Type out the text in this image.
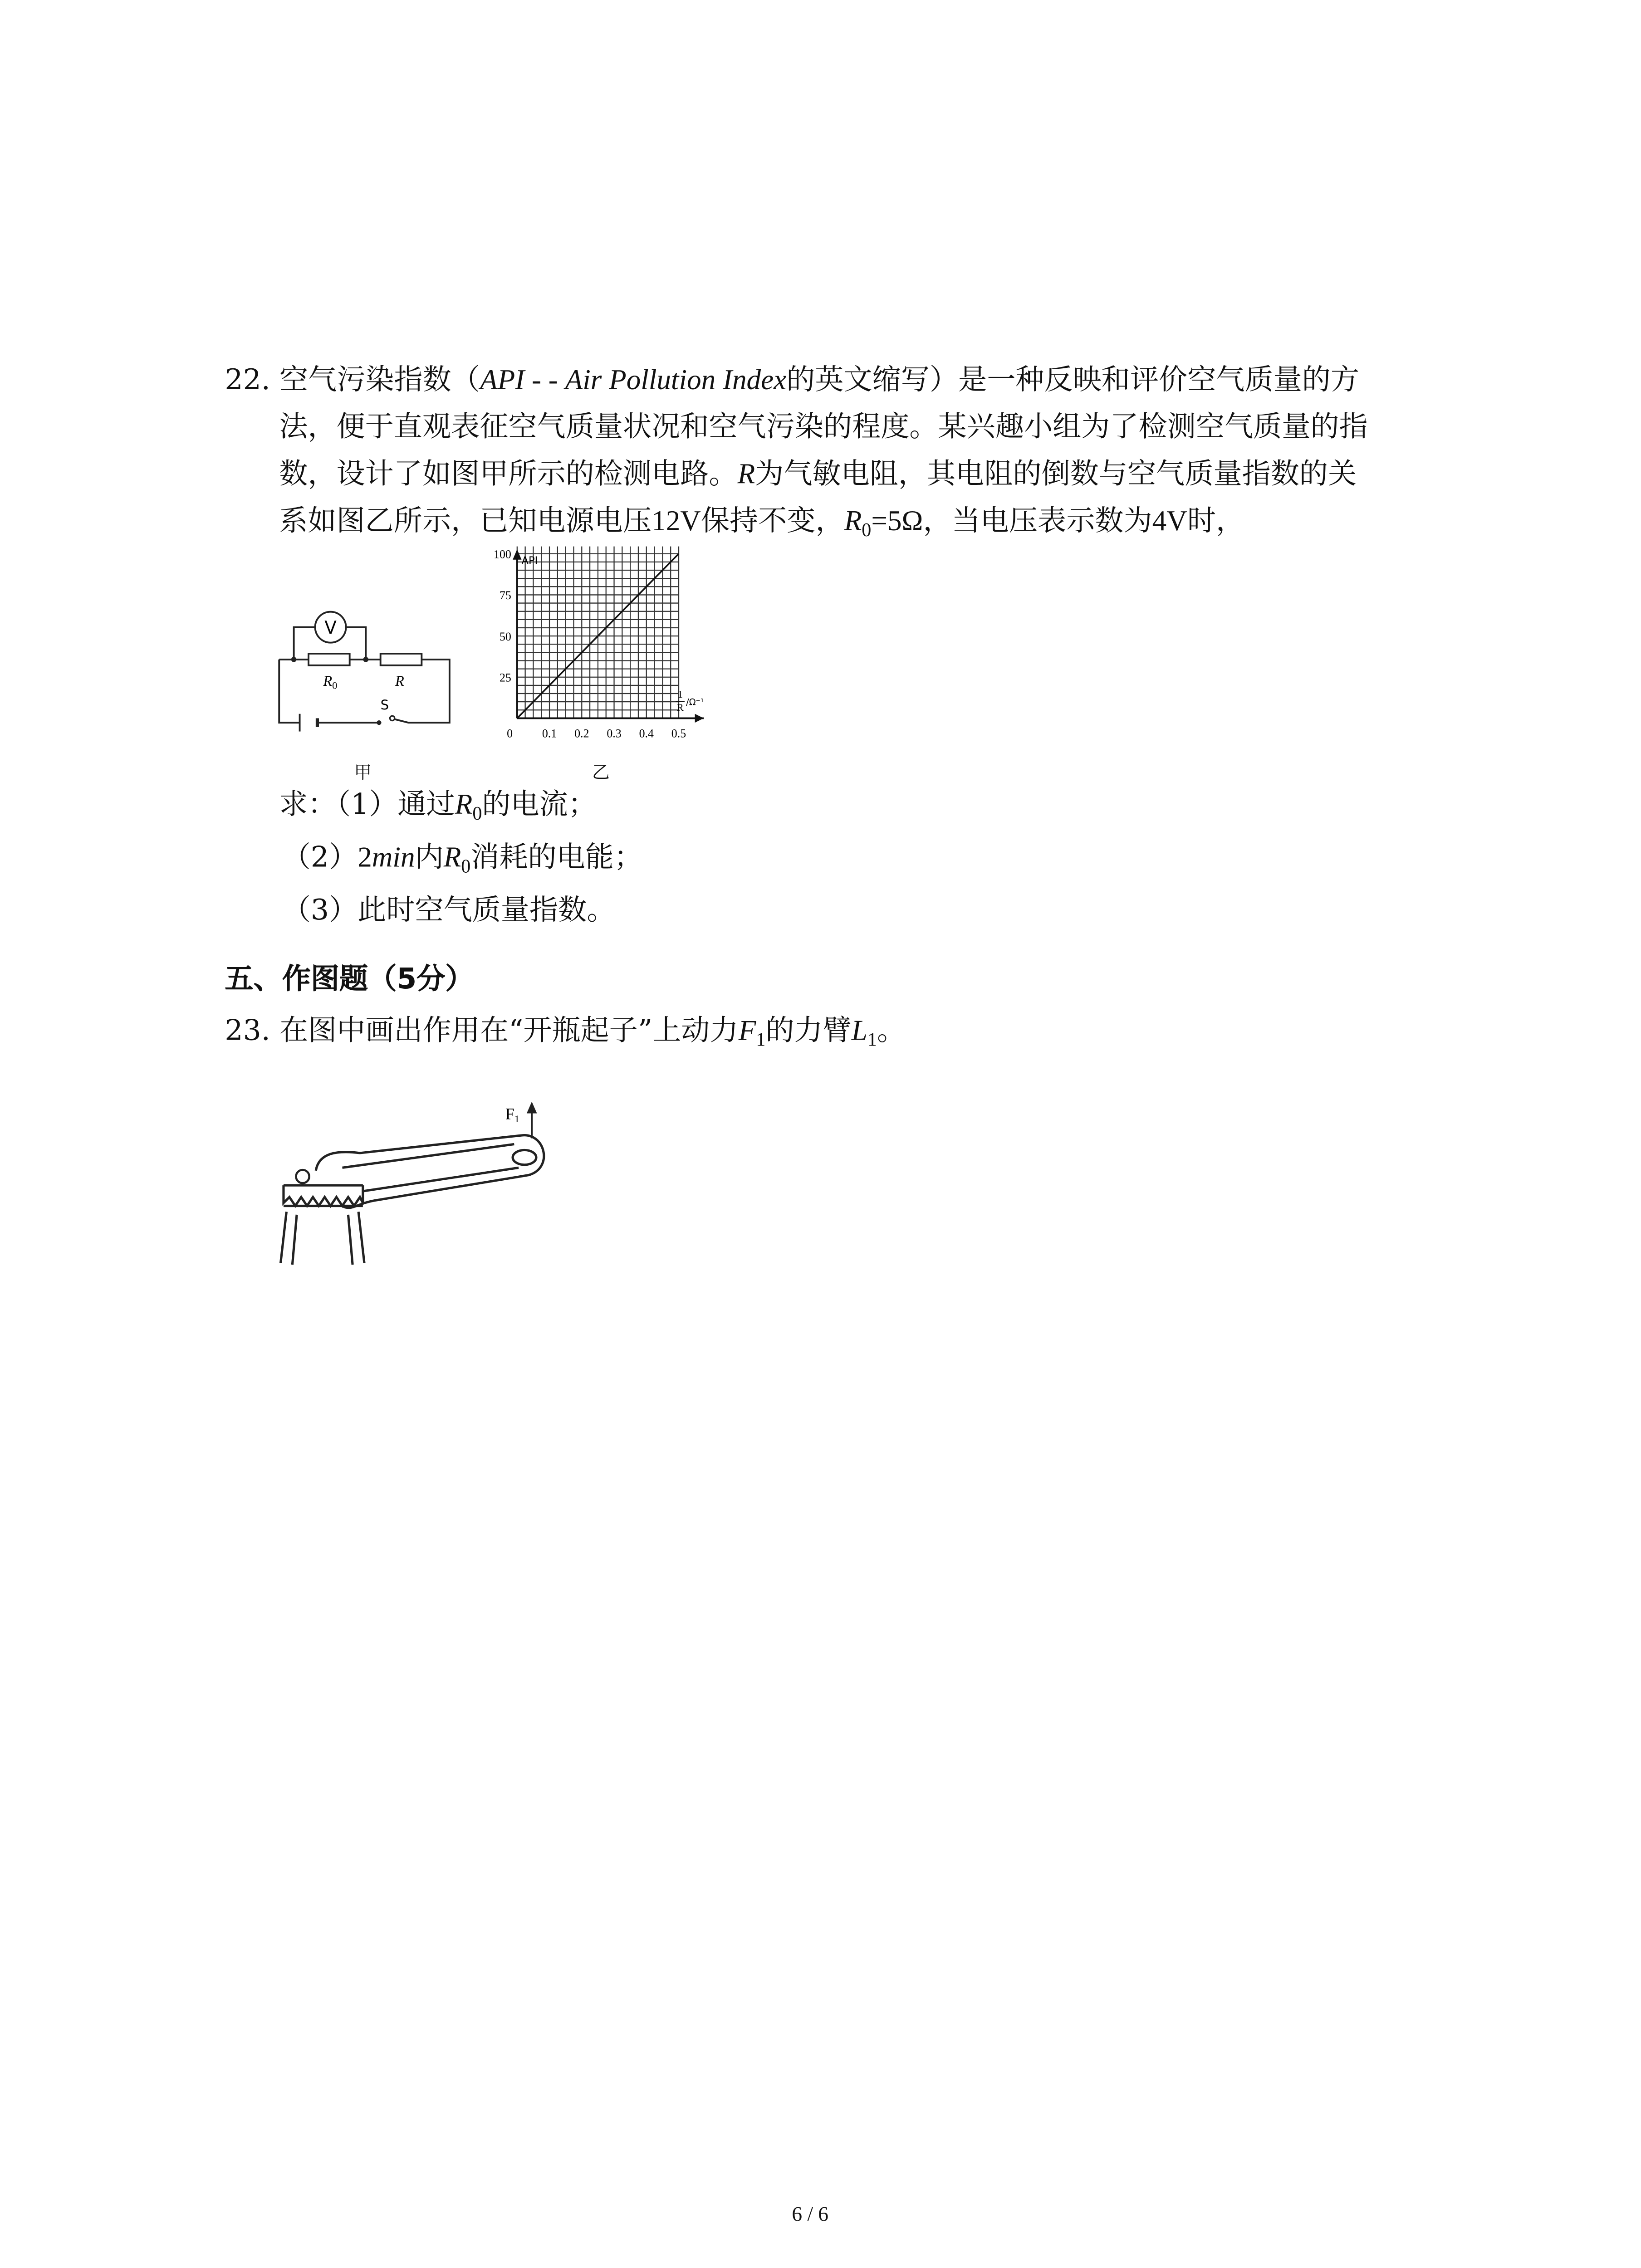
22. 空气污染指数（API - - Air Pollution Index的英文缩写）是一种反映和评价空气质量的方
法，便于直观表征空气质量状况和空气污染的程度。某兴趣小组为了检测空气质量的指
数，设计了如图甲所示的检测电路。R为气敏电阻，其电阻的倒数与空气质量指数的关
系如图乙所示，已知电源电压12V保持不变，$R_0=5\Omega$，当电压表示数为4V时，
V
$R_0$	R
S
甲
API
1
R /Ω⁻¹
0	0.1	0.2	0.3	0.4	0.5
25
50
75
100
乙
求：（1）通过$R_0$的电流；
（2）2min内$R_0$消耗的电能；
（3）此时空气质量指数。
五、作图题（5分）
23. 在图中画出作用在“开瓶起子”上动力$F_1$的力臂$L_1$。
F1
6 / 6
